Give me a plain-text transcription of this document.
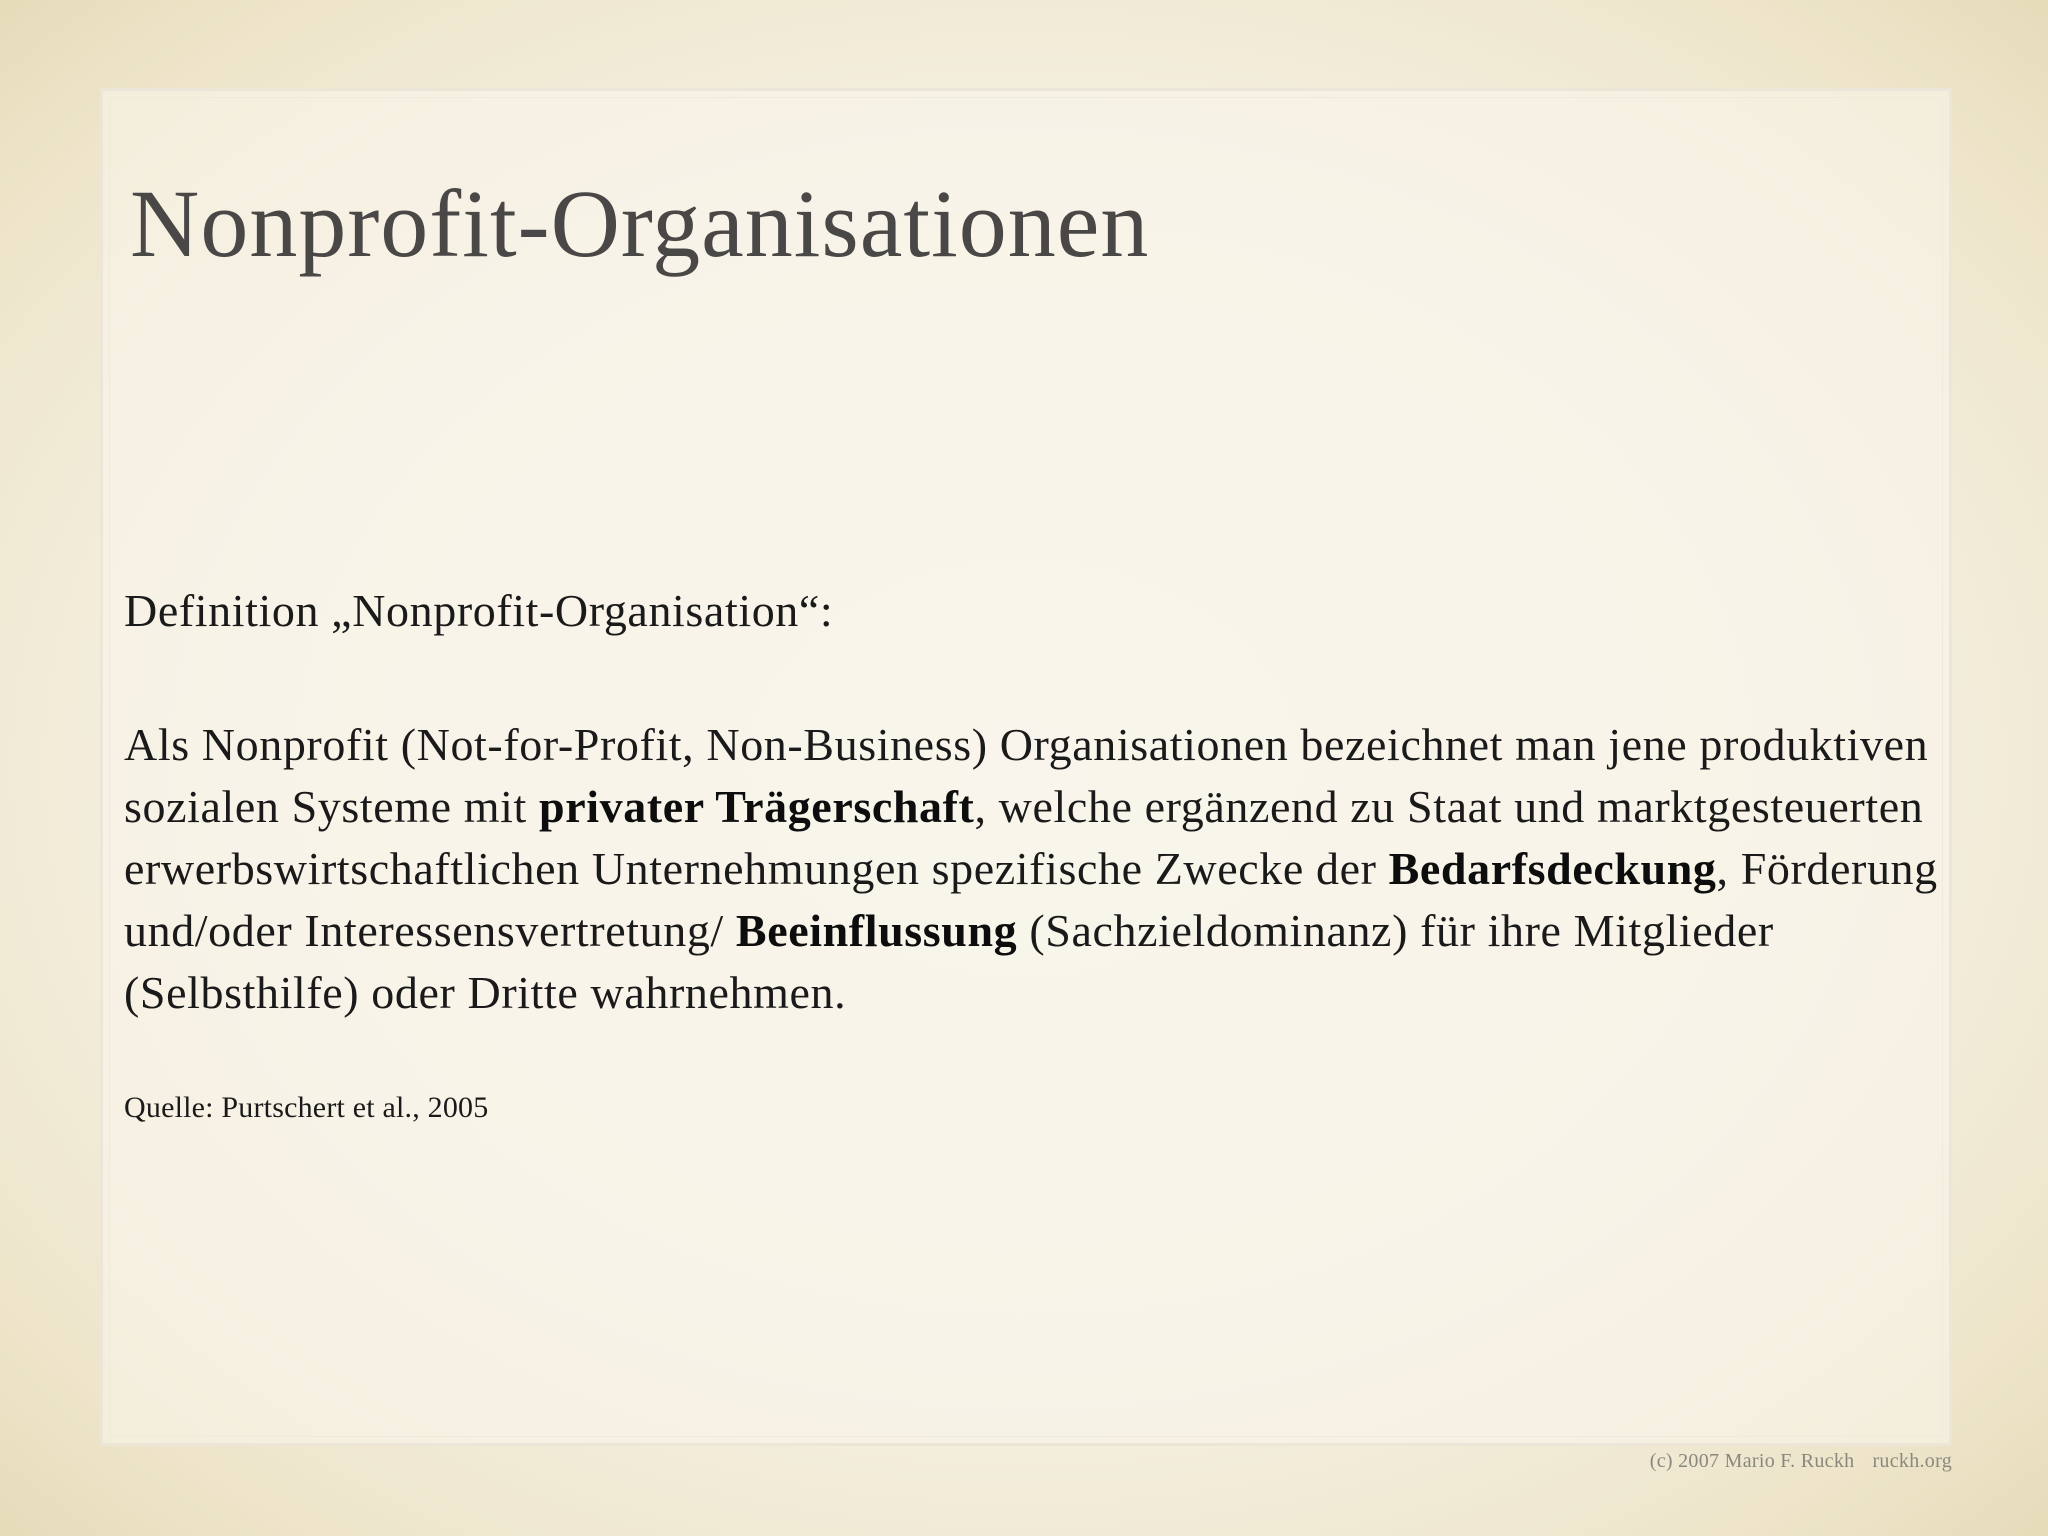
Nonprofit-Organisationen

Definition „Nonprofit-Organisation“:

Als Nonprofit (Not-for-Profit, Non-Business) Organisationen bezeichnet man jene produktiven sozialen Systeme mit privater Trägerschaft, welche ergänzend zu Staat und marktgesteuerten erwerbswirtschaftlichen Unternehmungen spezifische Zwecke der Bedarfsdeckung, Förderung und/oder Interessensvertretung/ Beeinflussung (Sachzieldominanz) für ihre Mitglieder (Selbsthilfe) oder Dritte wahrnehmen.

Quelle: Purtschert et al., 2005

(c) 2007 Mario F. Ruckh ruckh.org
